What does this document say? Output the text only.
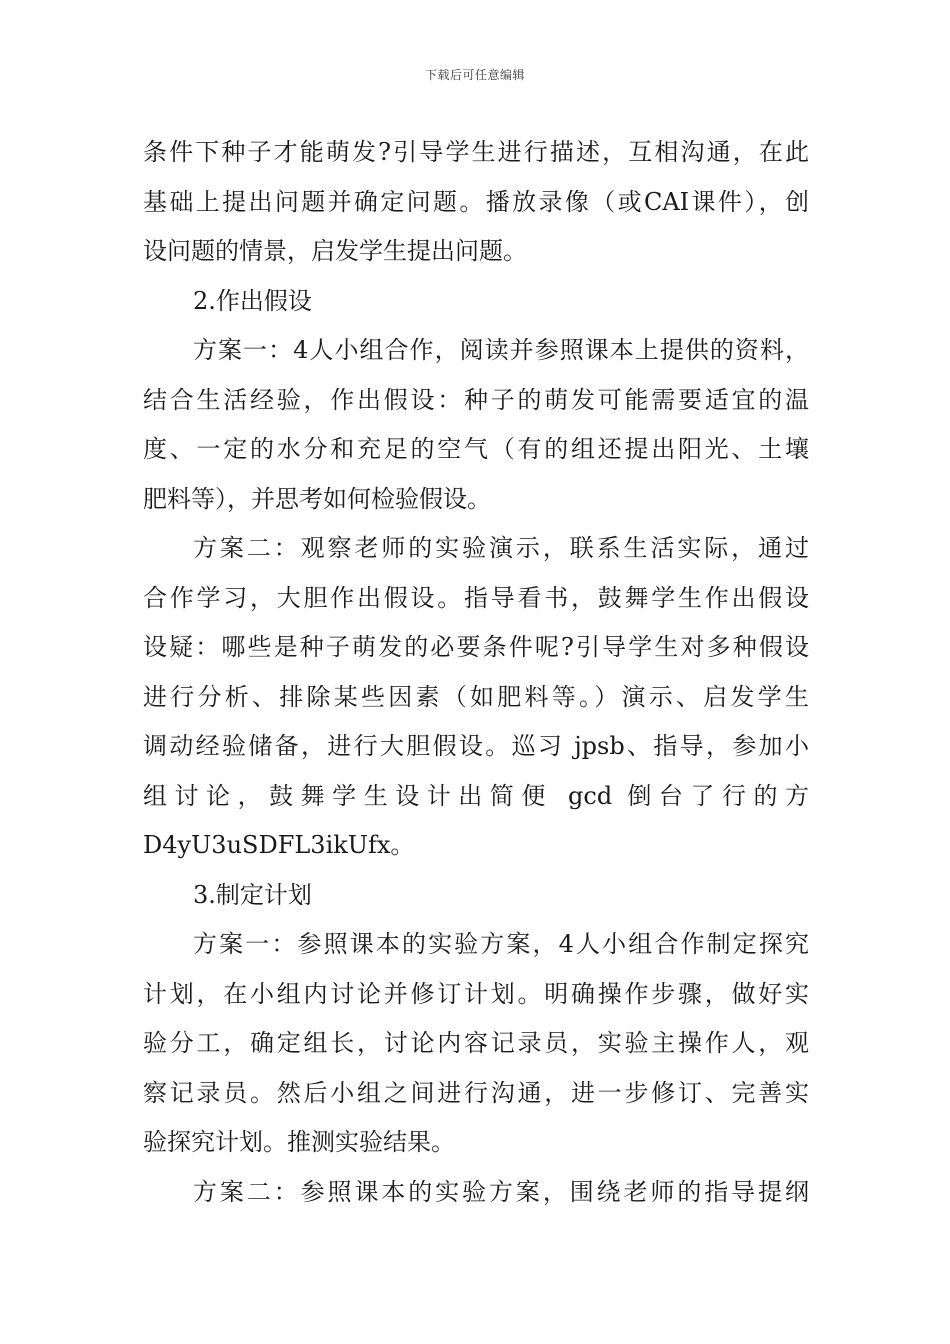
下载后可任意编辑
条件下种子才能萌发?引导学生进行描述，互相沟通，在此
基础上提出问题并确定问题。播放录像（或CAI课件），创
设问题的情景，启发学生提出问题。
2.作出假设
方案一：4人小组合作，阅读并参照课本上提供的资料，
结合生活经验，作出假设：种子的萌发可能需要适宜的温
度、一定的水分和充足的空气（有的组还提出阳光、土壤
肥料等），并思考如何检验假设。
方案二：观察老师的实验演示，联系生活实际，通过
合作学习，大胆作出假设。指导看书，鼓舞学生作出假设
设疑：哪些是种子萌发的必要条件呢?引导学生对多种假设
进行分析、排除某些因素（如肥料等。）演示、启发学生
调动经验储备，进行大胆假设。巡习 jpsb、指导，参加小
组讨论，鼓舞学生设计出简便 gcd 倒台了行的方
D4yU3uSDFL3ikUfx。
3.制定计划
方案一：参照课本的实验方案，4人小组合作制定探究
计划，在小组内讨论并修订计划。明确操作步骤，做好实
验分工，确定组长，讨论内容记录员，实验主操作人，观
察记录员。然后小组之间进行沟通，进一步修订、完善实
验探究计划。推测实验结果。
方案二：参照课本的实验方案，围绕老师的指导提纲
